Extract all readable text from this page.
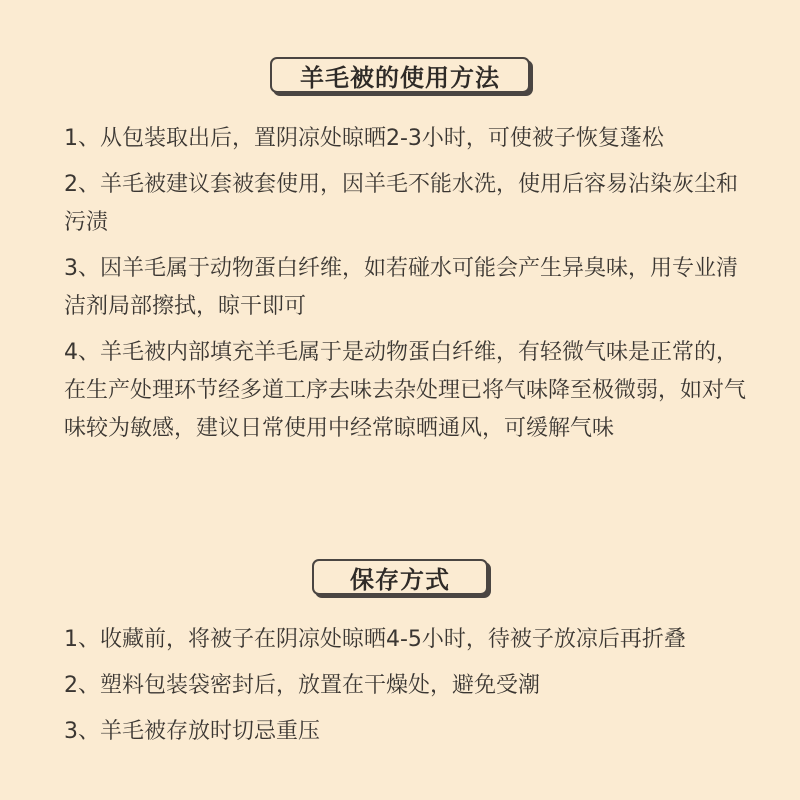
羊毛被的使用方法
1、从包装取出后，置阴凉处晾晒2-3小时，可使被子恢复蓬松
2、羊毛被建议套被套使用，因羊毛不能水洗，使用后容易沾染灰尘和污渍
3、因羊毛属于动物蛋白纤维，如若碰水可能会产生异臭味，用专业清洁剂局部擦拭，晾干即可
4、羊毛被内部填充羊毛属于是动物蛋白纤维，有轻微气味是正常的，在生产处理环节经多道工序去味去杂处理已将气味降至极微弱，如对气味较为敏感，建议日常使用中经常晾晒通风，可缓解气味
保存方式
1、收藏前，将被子在阴凉处晾晒4-5小时，待被子放凉后再折叠
2、塑料包装袋密封后，放置在干燥处，避免受潮
3、羊毛被存放时切忌重压
